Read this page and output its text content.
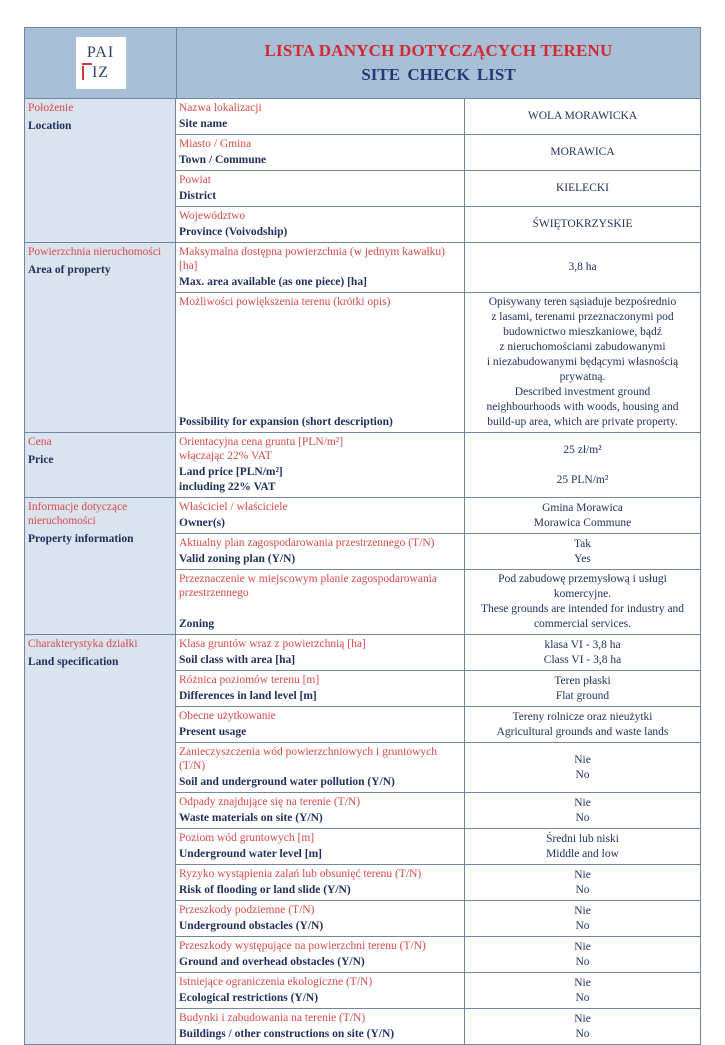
PAI
IZ
LISTA DANYCH DOTYCZĄCYCH TERENU
SITE CHECK LIST
Położenie
Location
Nazwa lokalizacji
Site name
WOLA MORAWICKA
Miasto / Gmina
Town / Commune
MORAWICA
Powiat
District
KIELECKI
Województwo
Province (Voivodship)
ŚWIĘTOKRZYSKIE
Powierzchnia nieruchomości
Area of property
Maksymalna dostępna powierzchnia (w jednym kawałku) [ha]
Max. area available (as one piece) [ha]
3,8 ha
Możliwości powiększenia terenu (krótki opis)
Possibility for expansion (short description)
Opisywany teren sąsiaduje bezpośrednio
z lasami, terenami przeznaczonymi pod
budownictwo mieszkaniowe, bądź
z nieruchomościami zabudowanymi
i niezabudowanymi będącymi własnością
prywatną.
Described investment ground
neighbourhoods with woods, housing and
build-up area, which are private property.
Cena
Price
Orientacyjna cena gruntu [PLN/m²]
włączając 22% VAT
Land price [PLN/m²]
including 22% VAT
25 zł/m²

25 PLN/m²
Informacje dotyczące nieruchomości
Property information
Właściciel / właściciele
Owner(s)
Gmina Morawica
Morawica Commune
Aktualny plan zagospodarowania przestrzennego (T/N)
Valid zoning plan (Y/N)
Tak
Yes
Przeznaczenie w miejscowym planie zagospodarowania przestrzennego
Zoning
Pod zabudowę przemysłową i usługi
komercyjne.
These grounds are intended for industry and
commercial services.
Charakterystyka działki
Land specification
Klasa gruntów wraz z powierzchnią [ha]
Soil class with area [ha]
klasa VI - 3,8 ha
Class VI - 3,8 ha
Różnica poziomów terenu [m]
Differences in land level [m]
Teren płaski
Flat ground
Obecne użytkowanie
Present usage
Tereny rolnicze oraz nieużytki
Agricultural grounds and waste lands
Zanieczyszczenia wód powierzchniowych i gruntowych (T/N)
Soil and underground water pollution (Y/N)
Nie
No
Odpady znajdujące się na terenie (T/N)
Waste materials on site (Y/N)
Nie
No
Poziom wód gruntowych [m]
Underground water level [m]
Średni lub niski
Middle and low
Ryzyko wystąpienia zalań lub obsunięć terenu (T/N)
Risk of flooding or land slide (Y/N)
Nie
No
Przeszkody podziemne (T/N)
Underground obstacles (Y/N)
Nie
No
Przeszkody występujące na powierzchni terenu (T/N)
Ground and overhead obstacles (Y/N)
Nie
No
Istniejące ograniczenia ekologiczne (T/N)
Ecological restrictions (Y/N)
Nie
No
Budynki i zabudowania na terenie (T/N)
Buildings / other constructions on site (Y/N)
Nie
No
